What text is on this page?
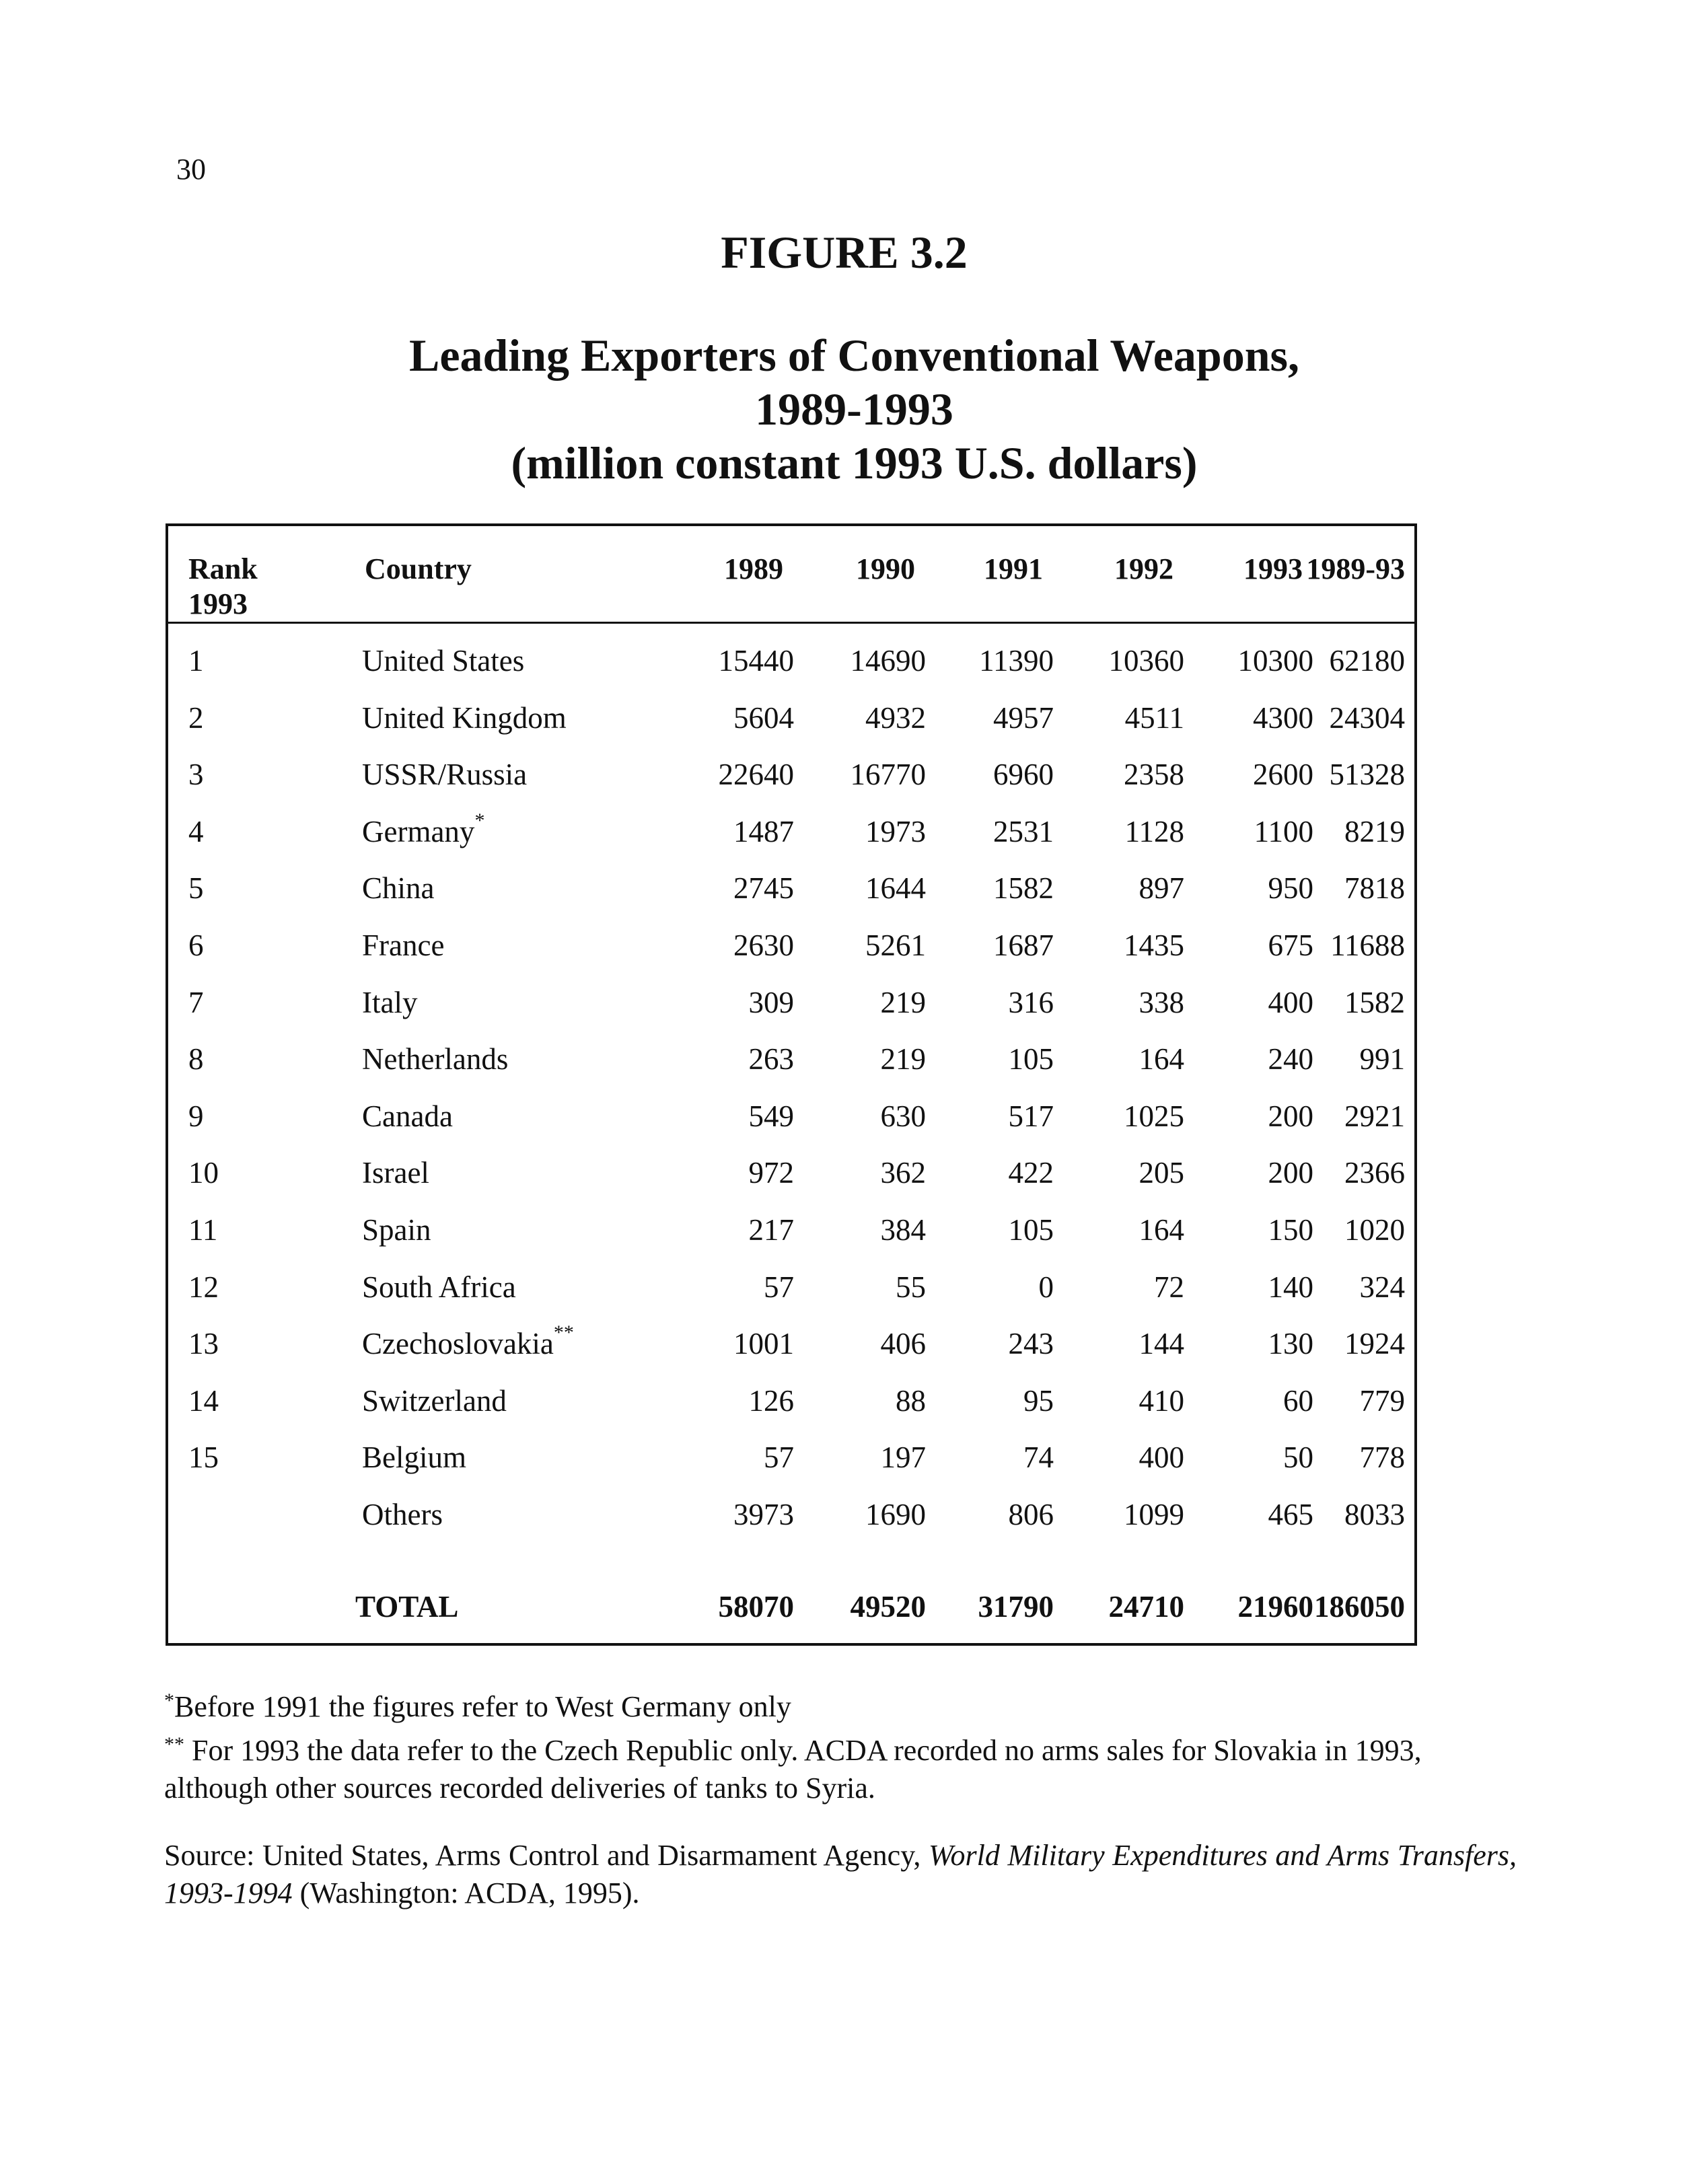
30
FIGURE 3.2
Leading Exporters of Conventional Weapons,
1989-1993
(million constant 1993 U.S. dollars)
Rank
1993
Country	1989	1990	1991	1992	1993 1989-93
1	United States	15440	14690	11390	10360	10300 62180
2	United Kingdom	5604	4932	4957	4511	4300 24304
3	USSR/Russia	22640	16770	6960	2358	2600 51328
4	Germany*	1487	1973	2531	1128	1100	8219
5	China	2745	1644	1582	897	950	7818
6	France	2630	5261	1687	1435	675 11688
7	Italy	309	219	316	338	400	1582
8	Netherlands	263	219	105	164	240	991
9	Canada	549	630	517	1025	200	2921
10	Israel	972	362	422	205	200	2366
11	Spain	217	384	105	164	150	1020
12	South Africa	57	55	0	72	140	324
13	Czechoslovakia**	1001	406	243	144	130	1924
14	Switzerland	126	88	95	410	60	779
15	Belgium	57	197	74	400	50	778
Others	3973	1690	806	1099	465	8033
TOTAL	58070	49520	31790	24710	21960 186050

*Before 1991 the figures refer to West Germany only

** For 1993 the data refer to the Czech Republic only. ACDA recorded no arms sales for Slovakia in 1993, although other sources recorded deliveries of tanks to Syria.

Source: United States, Arms Control and Disarmament Agency, World Military Expenditures and Arms Transfers, 1993-1994 (Washington: ACDA, 1995).
